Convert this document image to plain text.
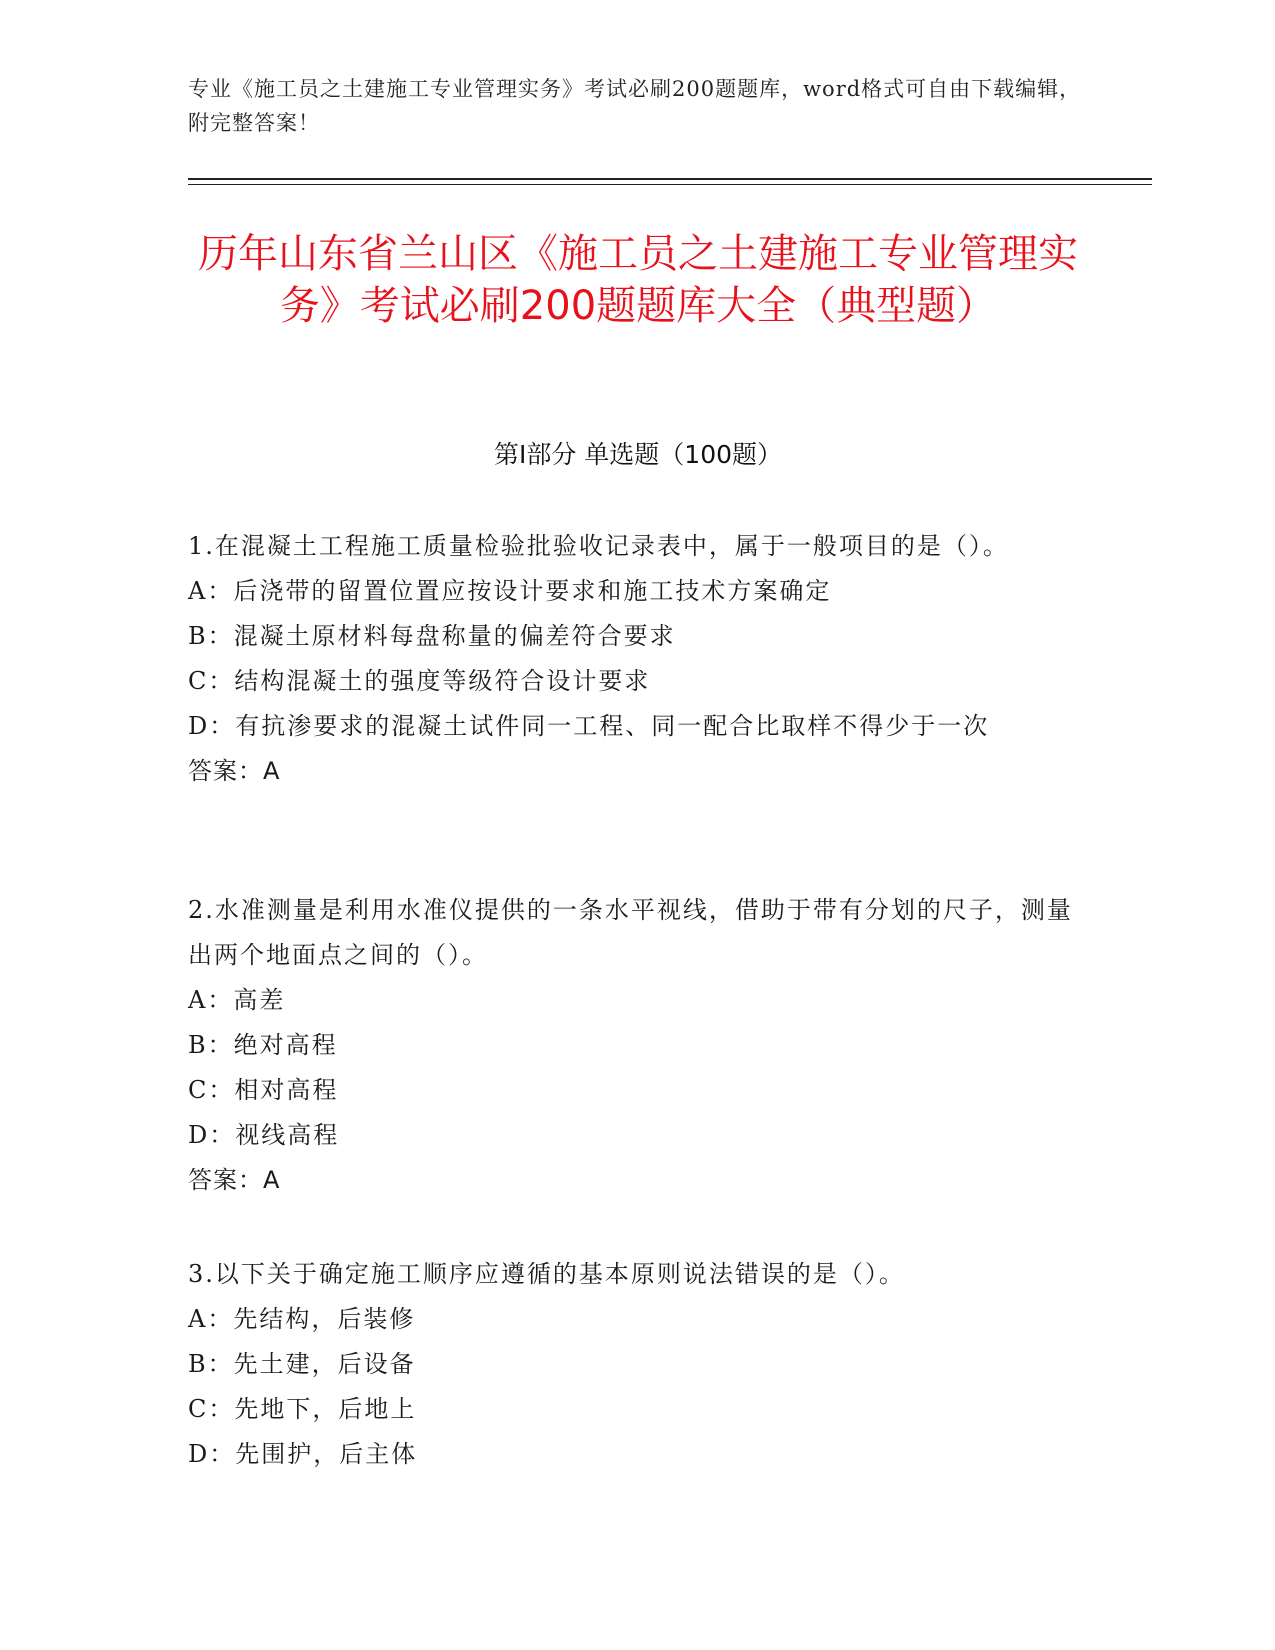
专业《施工员之土建施工专业管理实务》考试必刷200题题库，word格式可自由下载编辑，附完整答案！
历年山东省兰山区《施工员之土建施工专业管理实务》考试必刷200题题库大全（典型题）
第I部分 单选题（100题）

1.在混凝土工程施工质量检验批验收记录表中，属于一般项目的是（）。

A：后浇带的留置位置应按设计要求和施工技术方案确定

B：混凝土原材料每盘称量的偏差符合要求

C：结构混凝土的强度等级符合设计要求

D：有抗渗要求的混凝土试件同一工程、同一配合比取样不得少于一次

答案：A

2.水准测量是利用水准仪提供的一条水平视线，借助于带有分划的尺子，测量出两个地面点之间的（）。

A：高差

B：绝对高程

C：相对高程

D：视线高程

答案：A

3.以下关于确定施工顺序应遵循的基本原则说法错误的是（）。

A：先结构，后装修

B：先土建，后设备

C：先地下，后地上

D：先围护，后主体
